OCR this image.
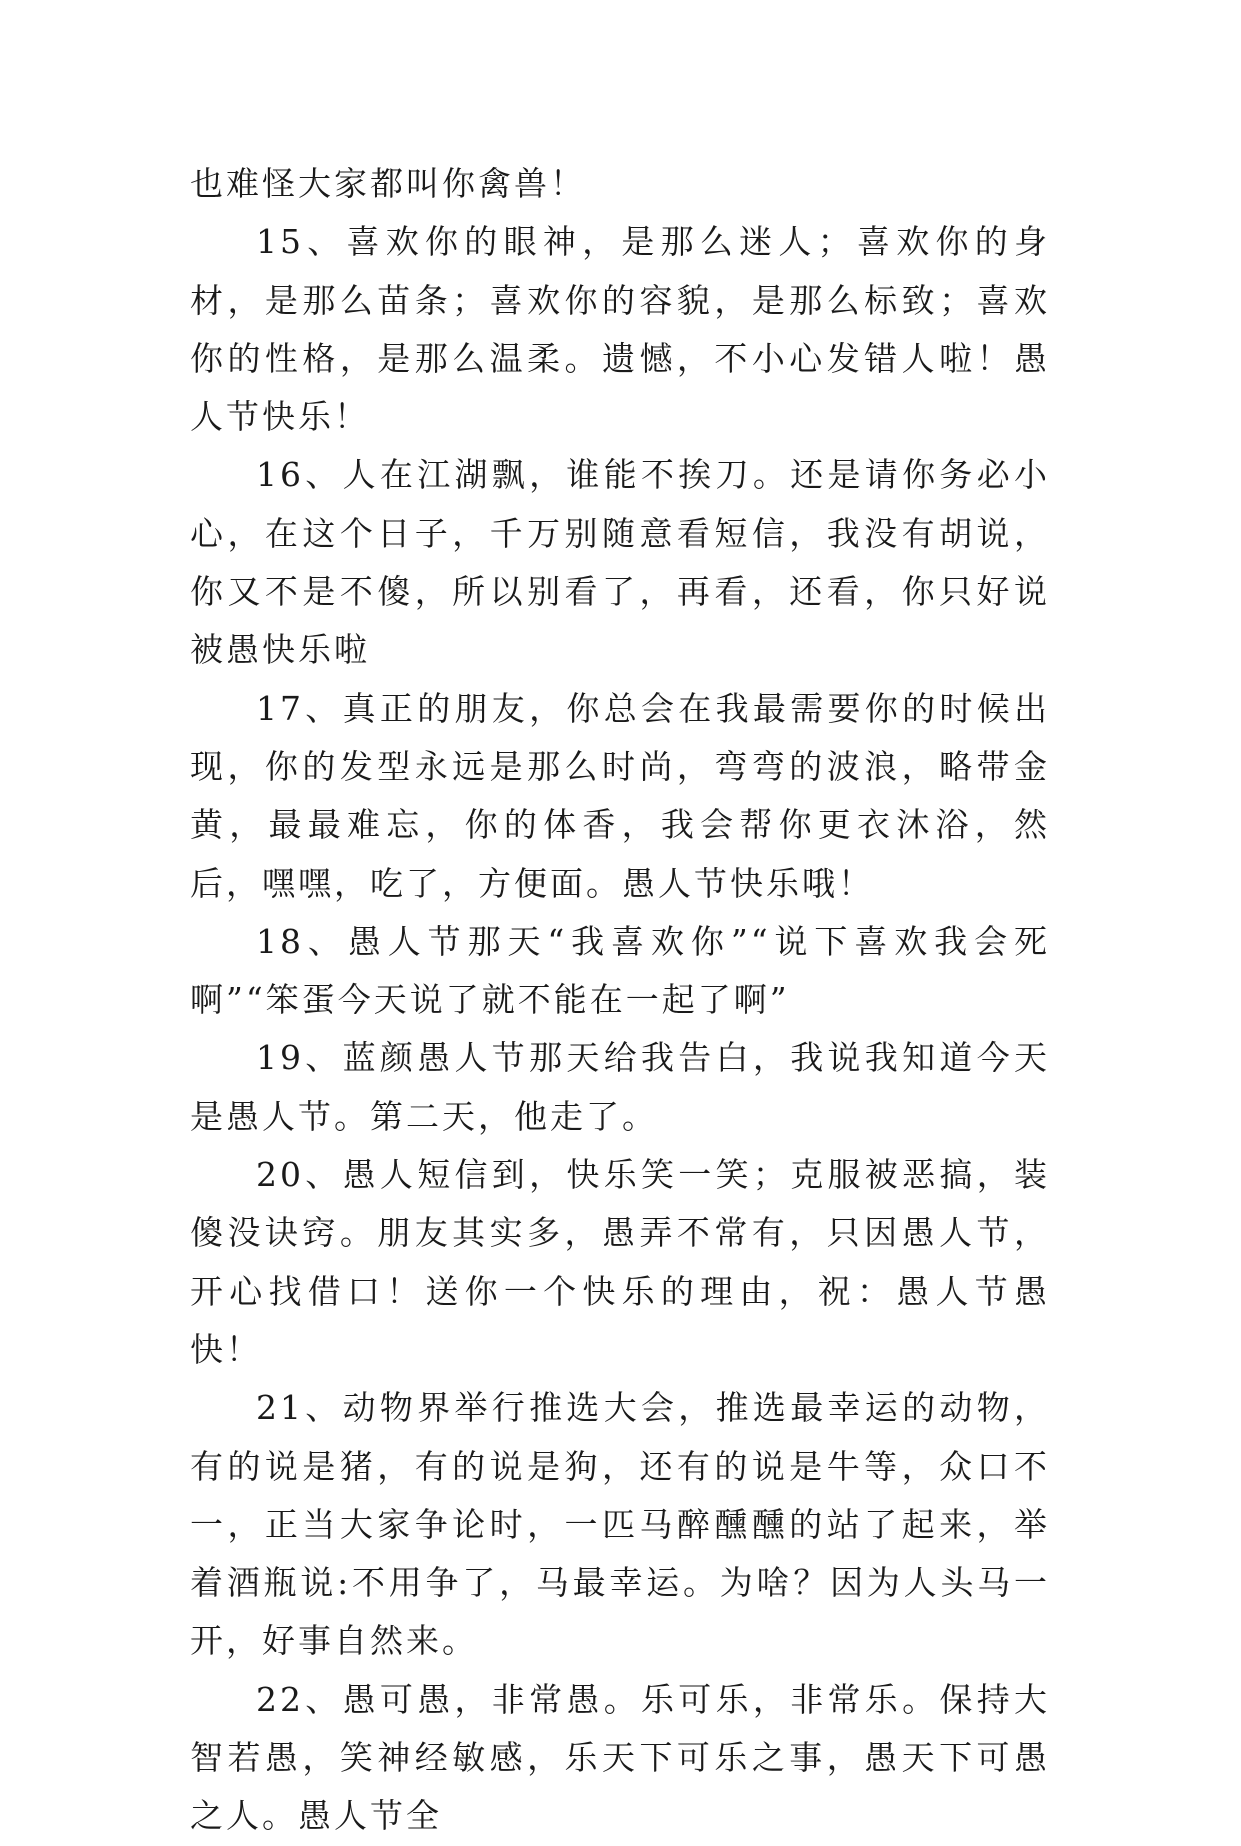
也难怪大家都叫你禽兽！

15、喜欢你的眼神，是那么迷人；喜欢你的身材，是那么苗条；喜欢你的容貌，是那么标致；喜欢你的性格，是那么温柔。遗憾，不小心发错人啦！愚人节快乐！

16、人在江湖飘，谁能不挨刀。还是请你务必小心，在这个日子，千万别随意看短信，我没有胡说，你又不是不傻，所以别看了，再看，还看，你只好说被愚快乐啦

17、真正的朋友，你总会在我最需要你的时候出现，你的发型永远是那么时尚，弯弯的波浪，略带金黄，最最难忘，你的体香，我会帮你更衣沐浴，然后，嘿嘿，吃了，方便面。愚人节快乐哦！

18、愚人节那天“我喜欢你”“说下喜欢我会死啊”“笨蛋今天说了就不能在一起了啊”

19、蓝颜愚人节那天给我告白，我说我知道今天是愚人节。第二天，他走了。

20、愚人短信到，快乐笑一笑；克服被恶搞，装傻没诀窍。朋友其实多，愚弄不常有，只因愚人节，开心找借口！送你一个快乐的理由，祝：愚人节愚快！

21、动物界举行推选大会，推选最幸运的动物，有的说是猪，有的说是狗，还有的说是牛等，众口不一，正当大家争论时，一匹马醉醺醺的站了起来，举着酒瓶说:不用争了，马最幸运。为啥？因为人头马一开，好事自然来。

22、愚可愚，非常愚。乐可乐，非常乐。保持大智若愚，笑神经敏感，乐天下可乐之事，愚天下可愚之人。愚人节全
